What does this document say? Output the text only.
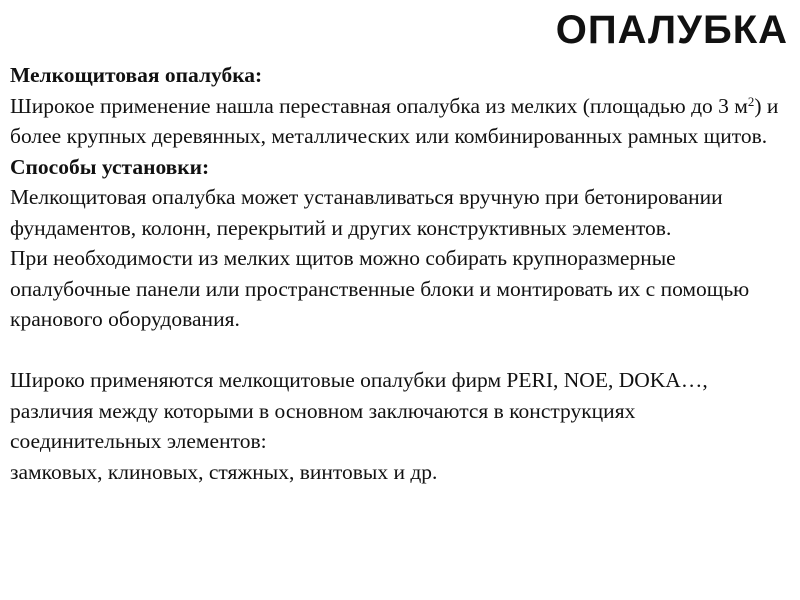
ОПАЛУБКА

Мелкощитовая опалубка:

Широкое применение нашла переставная опалубка из мелких (площадью до 3 $м^2$) и более крупных деревянных, металлических или комбинированных рамных щитов.

Способы установки:

Мелкощитовая опалубка может устанавливаться вручную при бетонировании фундаментов, колонн, перекрытий и других конструктивных элементов.

При необходимости из мелких щитов можно собирать крупноразмерные опалубочные панели или пространственные блоки и монтировать их с помощью кранового оборудования.

Широко применяются мелкощитовые опалубки фирм PERI, NOE, DOKA…,

различия между которыми в основном заключаются в конструкциях соединительных элементов:

замковых, клиновых, стяжных, винтовых и др.
